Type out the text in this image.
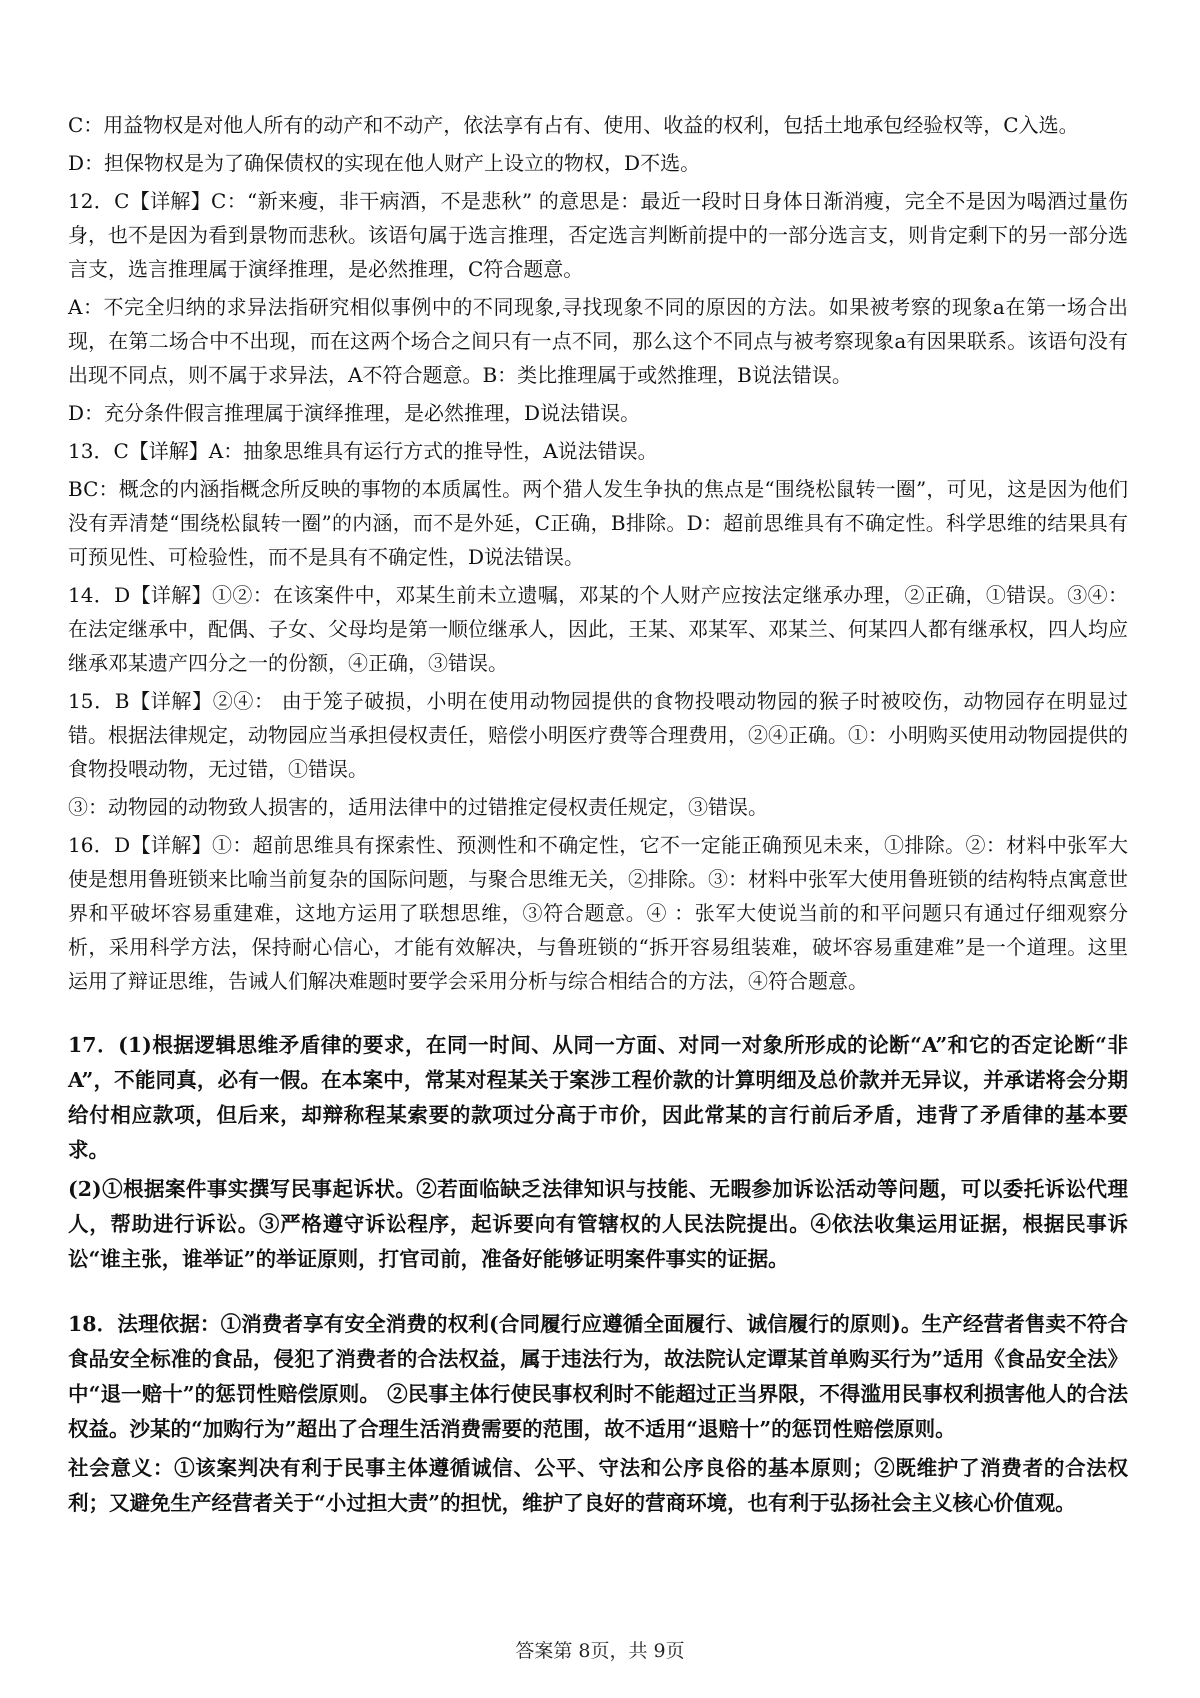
C：用益物权是对他人所有的动产和不动产，依法享有占有、使用、收益的权利，包括土地承包经验权等，C入选。

D：担保物权是为了确保债权的实现在他人财产上设立的物权，D不选。

12．C【详解】C：“新来瘦，非干病酒，不是悲秋” 的意思是：最近一段时日身体日渐消瘦，完全不是因为喝酒过量伤身，也不是因为看到景物而悲秋。该语句属于选言推理，否定选言判断前提中的一部分选言支，则肯定剩下的另一部分选言支，选言推理属于演绎推理，是必然推理，C符合题意。

A：不完全归纳的求异法指研究相似事例中的不同现象,寻找现象不同的原因的方法。如果被考察的现象a在第一场合出现，在第二场合中不出现，而在这两个场合之间只有一点不同，那么这个不同点与被考察现象a有因果联系。该语句没有出现不同点，则不属于求异法，A不符合题意。B：类比推理属于或然推理，B说法错误。

D：充分条件假言推理属于演绎推理，是必然推理，D说法错误。

13．C【详解】A：抽象思维具有运行方式的推导性，A说法错误。

BC：概念的内涵指概念所反映的事物的本质属性。两个猎人发生争执的焦点是“围绕松鼠转一圈”，可见，这是因为他们没有弄清楚“围绕松鼠转一圈”的内涵，而不是外延，C正确，B排除。D：超前思维具有不确定性。科学思维的结果具有可预见性、可检验性，而不是具有不确定性，D说法错误。

14．D【详解】①②：在该案件中，邓某生前未立遗嘱，邓某的个人财产应按法定继承办理，②正确，①错误。③④：在法定继承中，配偶、子女、父母均是第一顺位继承人，因此，王某、邓某军、邓某兰、何某四人都有继承权，四人均应继承邓某遗产四分之一的份额，④正确，③错误。

15．B【详解】②④： 由于笼子破损，小明在使用动物园提供的食物投喂动物园的猴子时被咬伤，动物园存在明显过错。根据法律规定，动物园应当承担侵权责任，赔偿小明医疗费等合理费用，②④正确。①：小明购买使用动物园提供的食物投喂动物，无过错，①错误。

③：动物园的动物致人损害的，适用法律中的过错推定侵权责任规定，③错误。

16．D【详解】①：超前思维具有探索性、预测性和不确定性，它不一定能正确预见未来，①排除。②：材料中张军大使是想用鲁班锁来比喻当前复杂的国际问题，与聚合思维无关，②排除。③：材料中张军大使用鲁班锁的结构特点寓意世界和平破坏容易重建难，这地方运用了联想思维，③符合题意。④ ：张军大使说当前的和平问题只有通过仔细观察分析，采用科学方法，保持耐心信心，才能有效解决，与鲁班锁的“拆开容易组装难，破坏容易重建难”是一个道理。这里运用了辩证思维，告诫人们解决难题时要学会采用分析与综合相结合的方法，④符合题意。

17．(1)根据逻辑思维矛盾律的要求，在同一时间、从同一方面、对同一对象所形成的论断“A”和它的否定论断“非A”，不能同真，必有一假。在本案中，常某对程某关于案涉工程价款的计算明细及总价款并无异议，并承诺将会分期给付相应款项，但后来，却辩称程某索要的款项过分高于市价，因此常某的言行前后矛盾，违背了矛盾律的基本要求。

(2)①根据案件事实撰写民事起诉状。②若面临缺乏法律知识与技能、无暇参加诉讼活动等问题，可以委托诉讼代理人，帮助进行诉讼。③严格遵守诉讼程序，起诉要向有管辖权的人民法院提出。④依法收集运用证据，根据民事诉讼“谁主张，谁举证”的举证原则，打官司前，准备好能够证明案件事实的证据。

18．法理依据：①消费者享有安全消费的权利(合同履行应遵循全面履行、诚信履行的原则)。生产经营者售卖不符合食品安全标准的食品，侵犯了消费者的合法权益，属于违法行为，故法院认定谭某首单购买行为”适用《食品安全法》 中“退一赔十”的惩罚性赔偿原则。 ②民事主体行使民事权利时不能超过正当界限，不得滥用民事权利损害他人的合法权益。沙某的“加购行为”超出了合理生活消费需要的范围，故不适用“退赔十”的惩罚性赔偿原则。

社会意义：①该案判决有利于民事主体遵循诚信、公平、守法和公序良俗的基本原则；②既维护了消费者的合法权利；又避免生产经营者关于“小过担大责”的担忧，维护了良好的营商环境，也有利于弘扬社会主义核心价值观。

答案第 8页，共 9页
